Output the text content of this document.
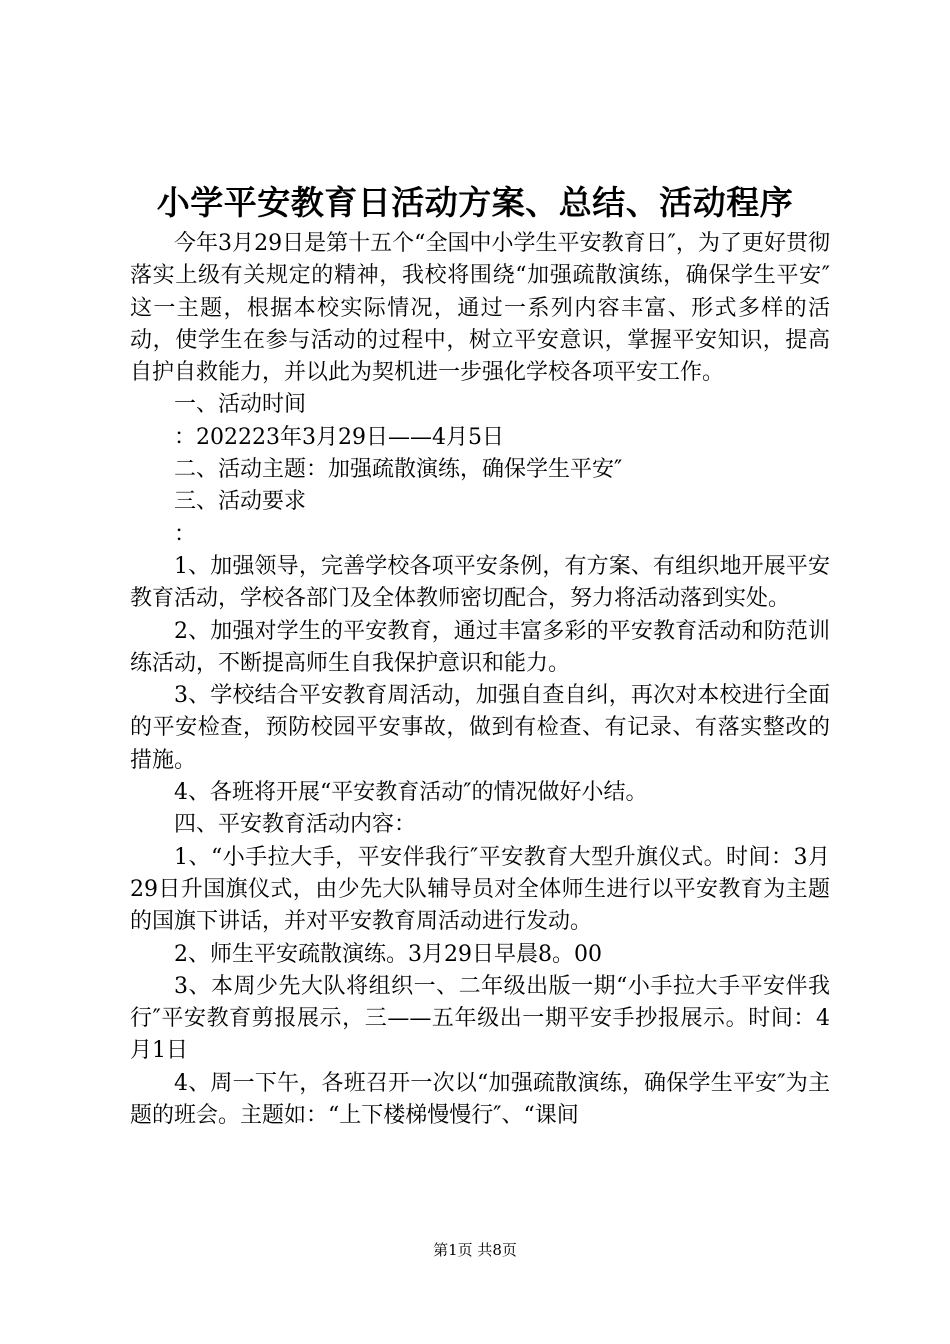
小学平安教育日活动方案、总结、活动程序

今年3月29日是第十五个“全国中小学生平安教育日″，为了更好贯彻落实上级有关规定的精神，我校将围绕“加强疏散演练，确保学生平安″这一主题，根据本校实际情况，通过一系列内容丰富、形式多样的活动，使学生在参与活动的过程中，树立平安意识，掌握平安知识，提高自护自救能力，并以此为契机进一步强化学校各项平安工作。

一、活动时间

：202223年3月29日——4月5日

二、活动主题：加强疏散演练，确保学生平安″

三、活动要求

：

1、加强领导，完善学校各项平安条例，有方案、有组织地开展平安教育活动，学校各部门及全体教师密切配合，努力将活动落到实处。

2、加强对学生的平安教育，通过丰富多彩的平安教育活动和防范训练活动，不断提高师生自我保护意识和能力。

3、学校结合平安教育周活动，加强自查自纠，再次对本校进行全面的平安检查，预防校园平安事故，做到有检查、有记录、有落实整改的措施。

4、各班将开展“平安教育活动″的情况做好小结。

四、平安教育活动内容：

1、“小手拉大手，平安伴我行″平安教育大型升旗仪式。时间：3月29日升国旗仪式，由少先大队辅导员对全体师生进行以平安教育为主题的国旗下讲话，并对平安教育周活动进行发动。

2、师生平安疏散演练。3月29日早晨8。00

3、本周少先大队将组织一、二年级出版一期“小手拉大手平安伴我行″平安教育剪报展示，三——五年级出一期平安手抄报展示。时间：4月1日

4、周一下午，各班召开一次以“加强疏散演练，确保学生平安″为主题的班会。主题如：“上下楼梯慢慢行″、“课间

第1页 共8页
